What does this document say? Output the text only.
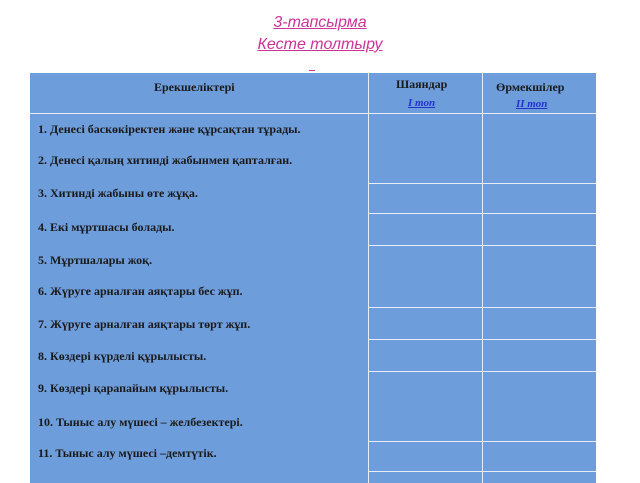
3-тапсырма
Кесте толтыру
Ерекшеліктері	Шаяндар
І топ
Өрмекшілер
ІІ топ
1. Денесі баскөкіректен және құрсақтан тұрады.
2. Денесі қалың хитинді жабынмен қапталған.
3. Хитинді жабыны өте жұқа.
4. Екі мұртшасы болады.
5. Мұртшалары жоқ.
6. Жүруге арналған аяқтары бес жұп.
7. Жүруге арналған аяқтары төрт жұп.
8. Көздері күрделі құрылысты.
9. Көздері қарапайым құрылысты.
10. Тыныс алу мүшесі – желбезектері.
11. Тыныс алу мүшесі –демтүтік.
